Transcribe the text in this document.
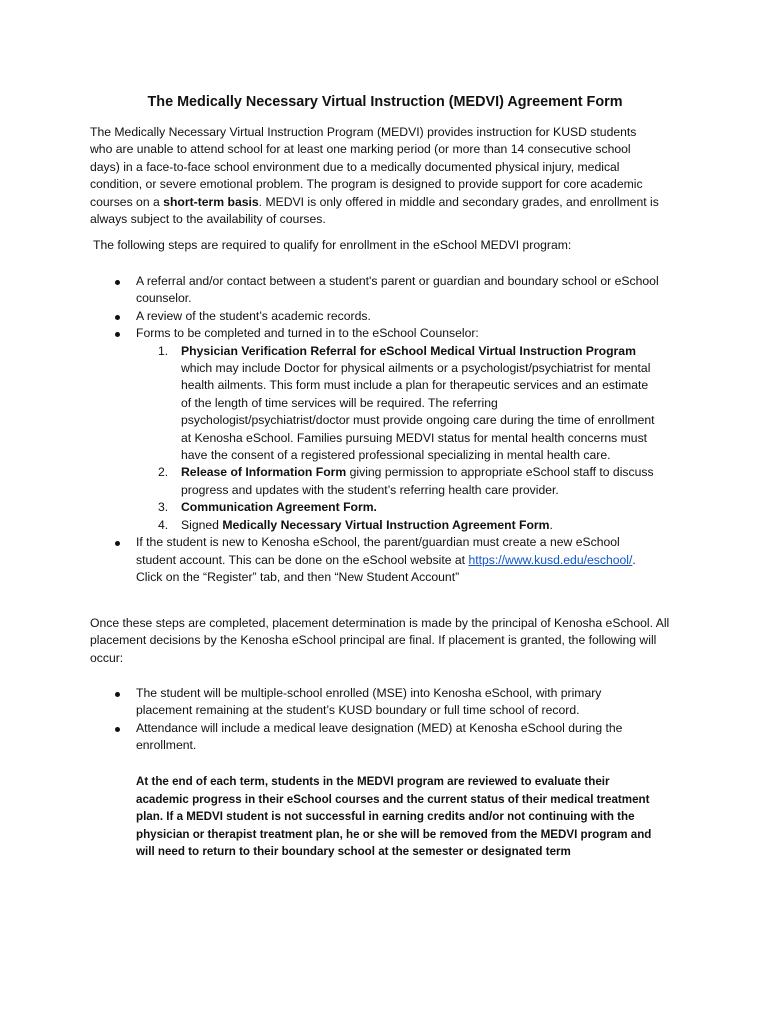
The Medically Necessary Virtual Instruction (MEDVI) Agreement Form

The Medically Necessary Virtual Instruction Program (MEDVI) provides instruction for KUSD students who are unable to attend school for at least one marking period (or more than 14 consecutive school days) in a face-to-face school environment due to a medically documented physical injury, medical condition, or severe emotional problem. The program is designed to provide support for core academic courses on a short-term basis. MEDVI is only offered in middle and secondary grades, and enrollment is always subject to the availability of courses.

The following steps are required to qualify for enrollment in the eSchool MEDVI program:

A referral and/or contact between a student's parent or guardian and boundary school or eSchool counselor.
A review of the student’s academic records.
Forms to be completed and turned in to the eSchool Counselor:
1. Physician Verification Referral for eSchool Medical Virtual Instruction Program which may include Doctor for physical ailments or a psychologist/psychiatrist for mental health ailments. This form must include a plan for therapeutic services and an estimate of the length of time services will be required. The referring psychologist/psychiatrist/doctor must provide ongoing care during the time of enrollment at Kenosha eSchool. Families pursuing MEDVI status for mental health concerns must have the consent of a registered professional specializing in mental health care.
2. Release of Information Form giving permission to appropriate eSchool staff to discuss progress and updates with the student’s referring health care provider.
3. Communication Agreement Form.
4. Signed Medically Necessary Virtual Instruction Agreement Form.
If the student is new to Kenosha eSchool, the parent/guardian must create a new eSchool student account. This can be done on the eSchool website at https://www.kusd.edu/eschool/. Click on the “Register” tab, and then “New Student Account”

Once these steps are completed, placement determination is made by the principal of Kenosha eSchool. All placement decisions by the Kenosha eSchool principal are final. If placement is granted, the following will occur:

The student will be multiple-school enrolled (MSE) into Kenosha eSchool, with primary placement remaining at the student’s KUSD boundary or full time school of record.
Attendance will include a medical leave designation (MED) at Kenosha eSchool during the enrollment.
At the end of each term, students in the MEDVI program are reviewed to evaluate their academic progress in their eSchool courses and the current status of their medical treatment plan. If a MEDVI student is not successful in earning credits and/or not continuing with the physician or therapist treatment plan, he or she will be removed from the MEDVI program and will need to return to their boundary school at the semester or designated term
